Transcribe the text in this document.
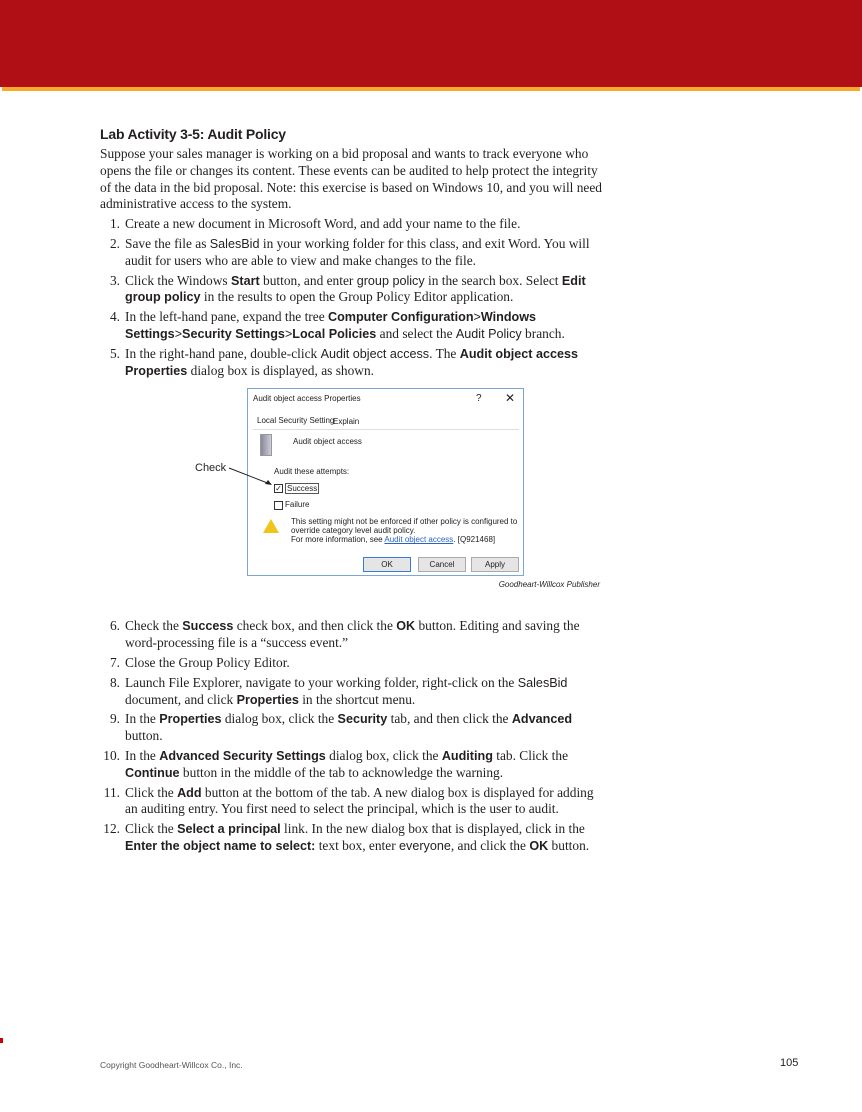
Lab Activity 3-5: Audit Policy

Suppose your sales manager is working on a bid proposal and wants to track everyone who opens the file or changes its content. These events can be audited to help protect the integrity of the data in the bid proposal. Note: this exercise is based on Windows 10, and you will need administrative access to the system.

1. Create a new document in Microsoft Word, and add your name to the file.
2. Save the file as SalesBid in your working folder for this class, and exit Word. You will audit for users who are able to view and make changes to the file.
3. Click the Windows Start button, and enter group policy in the search box. Select Edit group policy in the results to open the Group Policy Editor application.
4. In the left-hand pane, expand the tree Computer Configuration>Windows Settings>Security Settings>Local Policies and select the Audit Policy branch.
5. In the right-hand pane, double-click Audit object access. The Audit object access Properties dialog box is displayed, as shown.
Audit object access Properties	? ✕
Local Security Setting
Explain
Audit object access
Audit these attempts:
✓ Success
Failure
This setting might not be enforced if other policy is configured to
override category level audit policy.
For more information, see Audit object access. [Q921468]
OK	Cancel	Apply
Check
Goodheart-Willcox Publisher
6. Check the Success check box, and then click the OK button. Editing and saving the word-processing file is a “success event.”
7. Close the Group Policy Editor.
8. Launch File Explorer, navigate to your working folder, right-click on the SalesBid document, and click Properties in the shortcut menu.
9. In the Properties dialog box, click the Security tab, and then click the Advanced button.
10. In the Advanced Security Settings dialog box, click the Auditing tab. Click the Continue button in the middle of the tab to acknowledge the warning.
11. Click the Add button at the bottom of the tab. A new dialog box is displayed for adding an auditing entry. You first need to select the principal, which is the user to audit.
12. Click the Select a principal link. In the new dialog box that is displayed, click in the Enter the object name to select: text box, enter everyone, and click the OK button.
Copyright Goodheart-Willcox Co., Inc.	105
